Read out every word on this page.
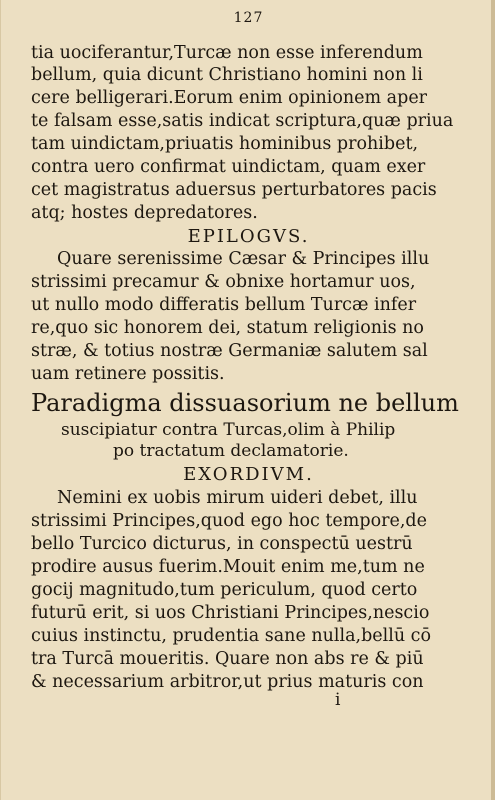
127
tia uociferantur,Turcæ non esse inferendum
bellum, quia dicunt Christiano homini non li
cere belligerari.Eorum enim opinionem aper
te falsam esse,satis indicat scriptura,quæ priua
tam uindictam,priuatis hominibus prohibet,
contra uero confirmat uindictam, quam exer
cet magistratus aduersus perturbatores pacis
atq; hostes depredatores.
EPILOGVS.
Quare serenissime Cæsar & Principes illu
strissimi precamur & obnixe hortamur uos,
ut nullo modo differatis bellum Turcæ infer
re,quo sic honorem dei, statum religionis no
stræ, & totius nostræ Germaniæ salutem sal
uam retinere possitis.
Paradigma dissuasorium ne bellum
suscipiatur contra Turcas,olim à Philip
po tractatum declamatorie.
EXORDIVM.
Nemini ex uobis mirum uideri debet, illu
strissimi Principes,quod ego hoc tempore,de
bello Turcico dicturus, in conspectū uestrū
prodire ausus fuerim.Mouit enim me,tum ne
gocij magnitudo,tum periculum, quod certo
futurū erit, si uos Christiani Principes,nescio
cuius instinctu, prudentia sane nulla,bellū cō
tra Turcā moueritis. Quare non abs re & piū
& necessarium arbitror,ut prius maturis con
i
